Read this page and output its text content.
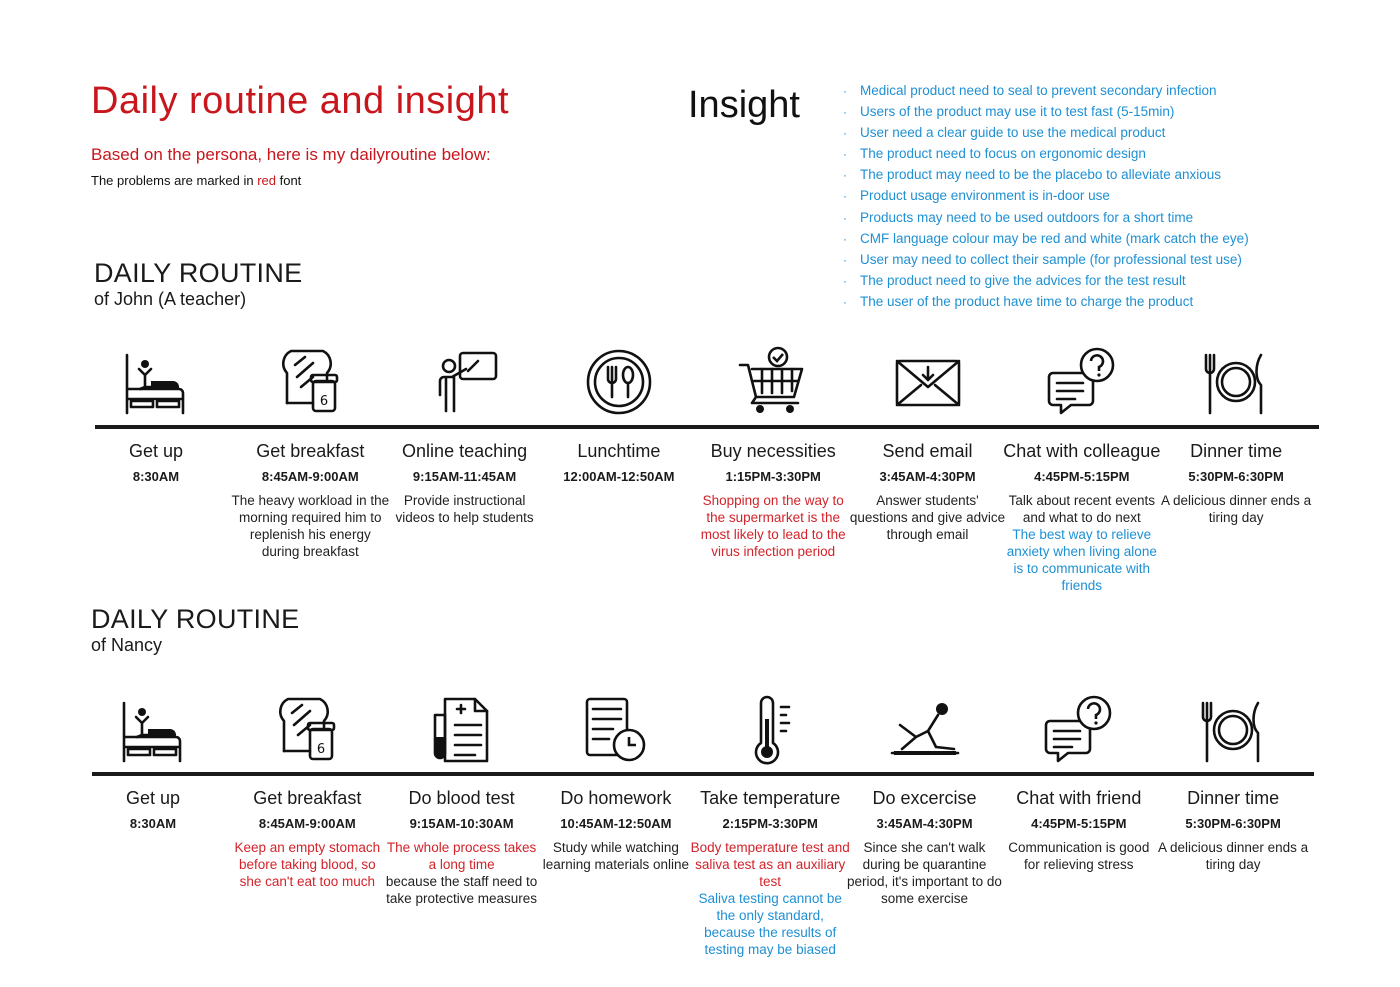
Daily routine and insight
Based on the persona, here is my dailyroutine below:
The problems are marked in red font
Insight	· Medical product need to seal to prevent secondary infection
· Users of the product may use it to test fast (5-15min)
· User need a clear guide to use the medical product
· The product need to focus on ergonomic design
· The product may need to be the placebo to alleviate anxious
· Product usage environment is in-door use
· Products may need to be used outdoors for a short time
· CMF language colour may be red and white (mark catch the eye)
· User may need to collect their sample (for professional test use)
· The product need to give the advices for the test result
· The user of the product have time to charge the product
DAILY ROUTINE
of John (A teacher)
Get up
8:30AM
6
Get breakfast
8:45AM-9:00AM
The heavy workload in the morning required him to replenish his energy during breakfast
Online teaching
9:15AM-11:45AM
Provide instructional videos to help students
Lunchtime
12:00AM-12:50AM
Buy necessities
1:15PM-3:30PM
Shopping on the way to the supermarket is the most likely to lead to the virus infection period
Send email
3:45AM-4:30PM
Answer students' questions and give advice through email
Chat with colleague
4:45PM-5:15PM
Talk about recent events and what to do next
The best way to relieve anxiety when living alone is to communicate with friends
Dinner time
5:30PM-6:30PM
A delicious dinner ends a tiring day
DAILY ROUTINE
of Nancy
Get up
8:30AM
6
Get breakfast
8:45AM-9:00AM
Keep an empty stomach before taking blood, so she can't eat too much
Do blood test
9:15AM-10:30AM
The whole process takes a long time
because the staff need to take protective measures
Do homework
10:45AM-12:50AM
Study while watching learning materials online
Take temperature
2:15PM-3:30PM
Body temperature test and saliva test as an auxiliary test
Saliva testing cannot be the only standard, because the results of testing may be biased
Do excercise
3:45AM-4:30PM
Since she can't walk during be quarantine period, it's important to do some exercise
Chat with friend
4:45PM-5:15PM
Communication is good for relieving stress
Dinner time
5:30PM-6:30PM
A delicious dinner ends a tiring day
